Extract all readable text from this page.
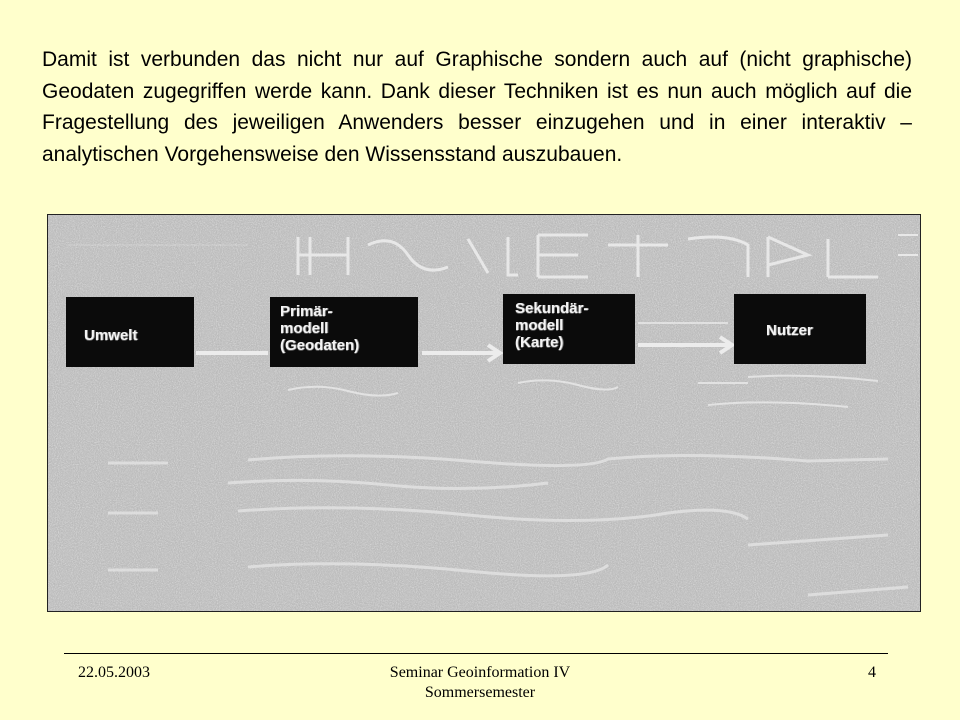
Damit ist verbunden das nicht nur auf Graphische sondern auch auf (nicht graphische) Geodaten zugegriffen werde kann. Dank dieser Techniken ist es nun auch möglich auf die Fragestellung des jeweiligen Anwenders besser einzugehen und in einer interaktiv – analytischen Vorgehensweise den Wissensstand auszubauen.

Umwelt
Primär-
modell
(Geodaten)
Sekundär-
modell
(Karte)
Nutzer
22.05.2003	Seminar Geoinformation IV
Sommersemester
4
